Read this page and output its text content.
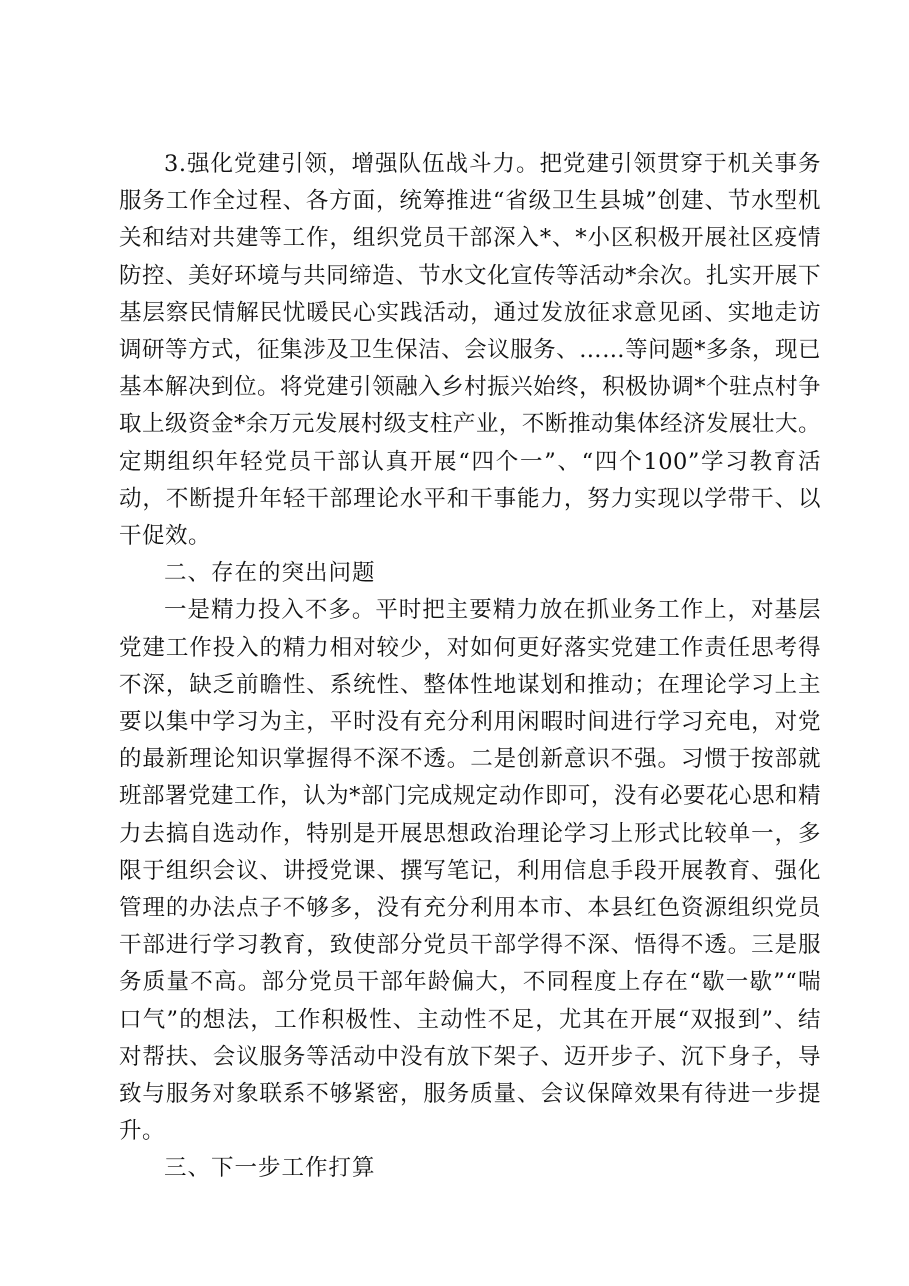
3.强化党建引领，增强队伍战斗力。把党建引领贯穿于机关事务服务工作全过程、各方面，统筹推进“省级卫生县城”创建、节水型机关和结对共建等工作，组织党员干部深入*、*小区积极开展社区疫情防控、美好环境与共同缔造、节水文化宣传等活动*余次。扎实开展下基层察民情解民忧暖民心实践活动，通过发放征求意见函、实地走访调研等方式，征集涉及卫生保洁、会议服务、……等问题*多条，现已基本解决到位。将党建引领融入乡村振兴始终，积极协调*个驻点村争取上级资金*余万元发展村级支柱产业，不断推动集体经济发展壮大。定期组织年轻党员干部认真开展“四个一”、“四个100”学习教育活动，不断提升年轻干部理论水平和干事能力，努力实现以学带干、以干促效。

二、存在的突出问题

一是精力投入不多。平时把主要精力放在抓业务工作上，对基层党建工作投入的精力相对较少，对如何更好落实党建工作责任思考得不深，缺乏前瞻性、系统性、整体性地谋划和推动；在理论学习上主要以集中学习为主，平时没有充分利用闲暇时间进行学习充电，对党的最新理论知识掌握得不深不透。二是创新意识不强。习惯于按部就班部署党建工作，认为*部门完成规定动作即可，没有必要花心思和精力去搞自选动作，特别是开展思想政治理论学习上形式比较单一，多限于组织会议、讲授党课、撰写笔记，利用信息手段开展教育、强化管理的办法点子不够多，没有充分利用本市、本县红色资源组织党员干部进行学习教育，致使部分党员干部学得不深、悟得不透。三是服务质量不高。部分党员干部年龄偏大，不同程度上存在“歇一歇”“喘口气”的想法，工作积极性、主动性不足，尤其在开展“双报到”、结对帮扶、会议服务等活动中没有放下架子、迈开步子、沉下身子，导致与服务对象联系不够紧密，服务质量、会议保障效果有待进一步提升。

三、下一步工作打算
